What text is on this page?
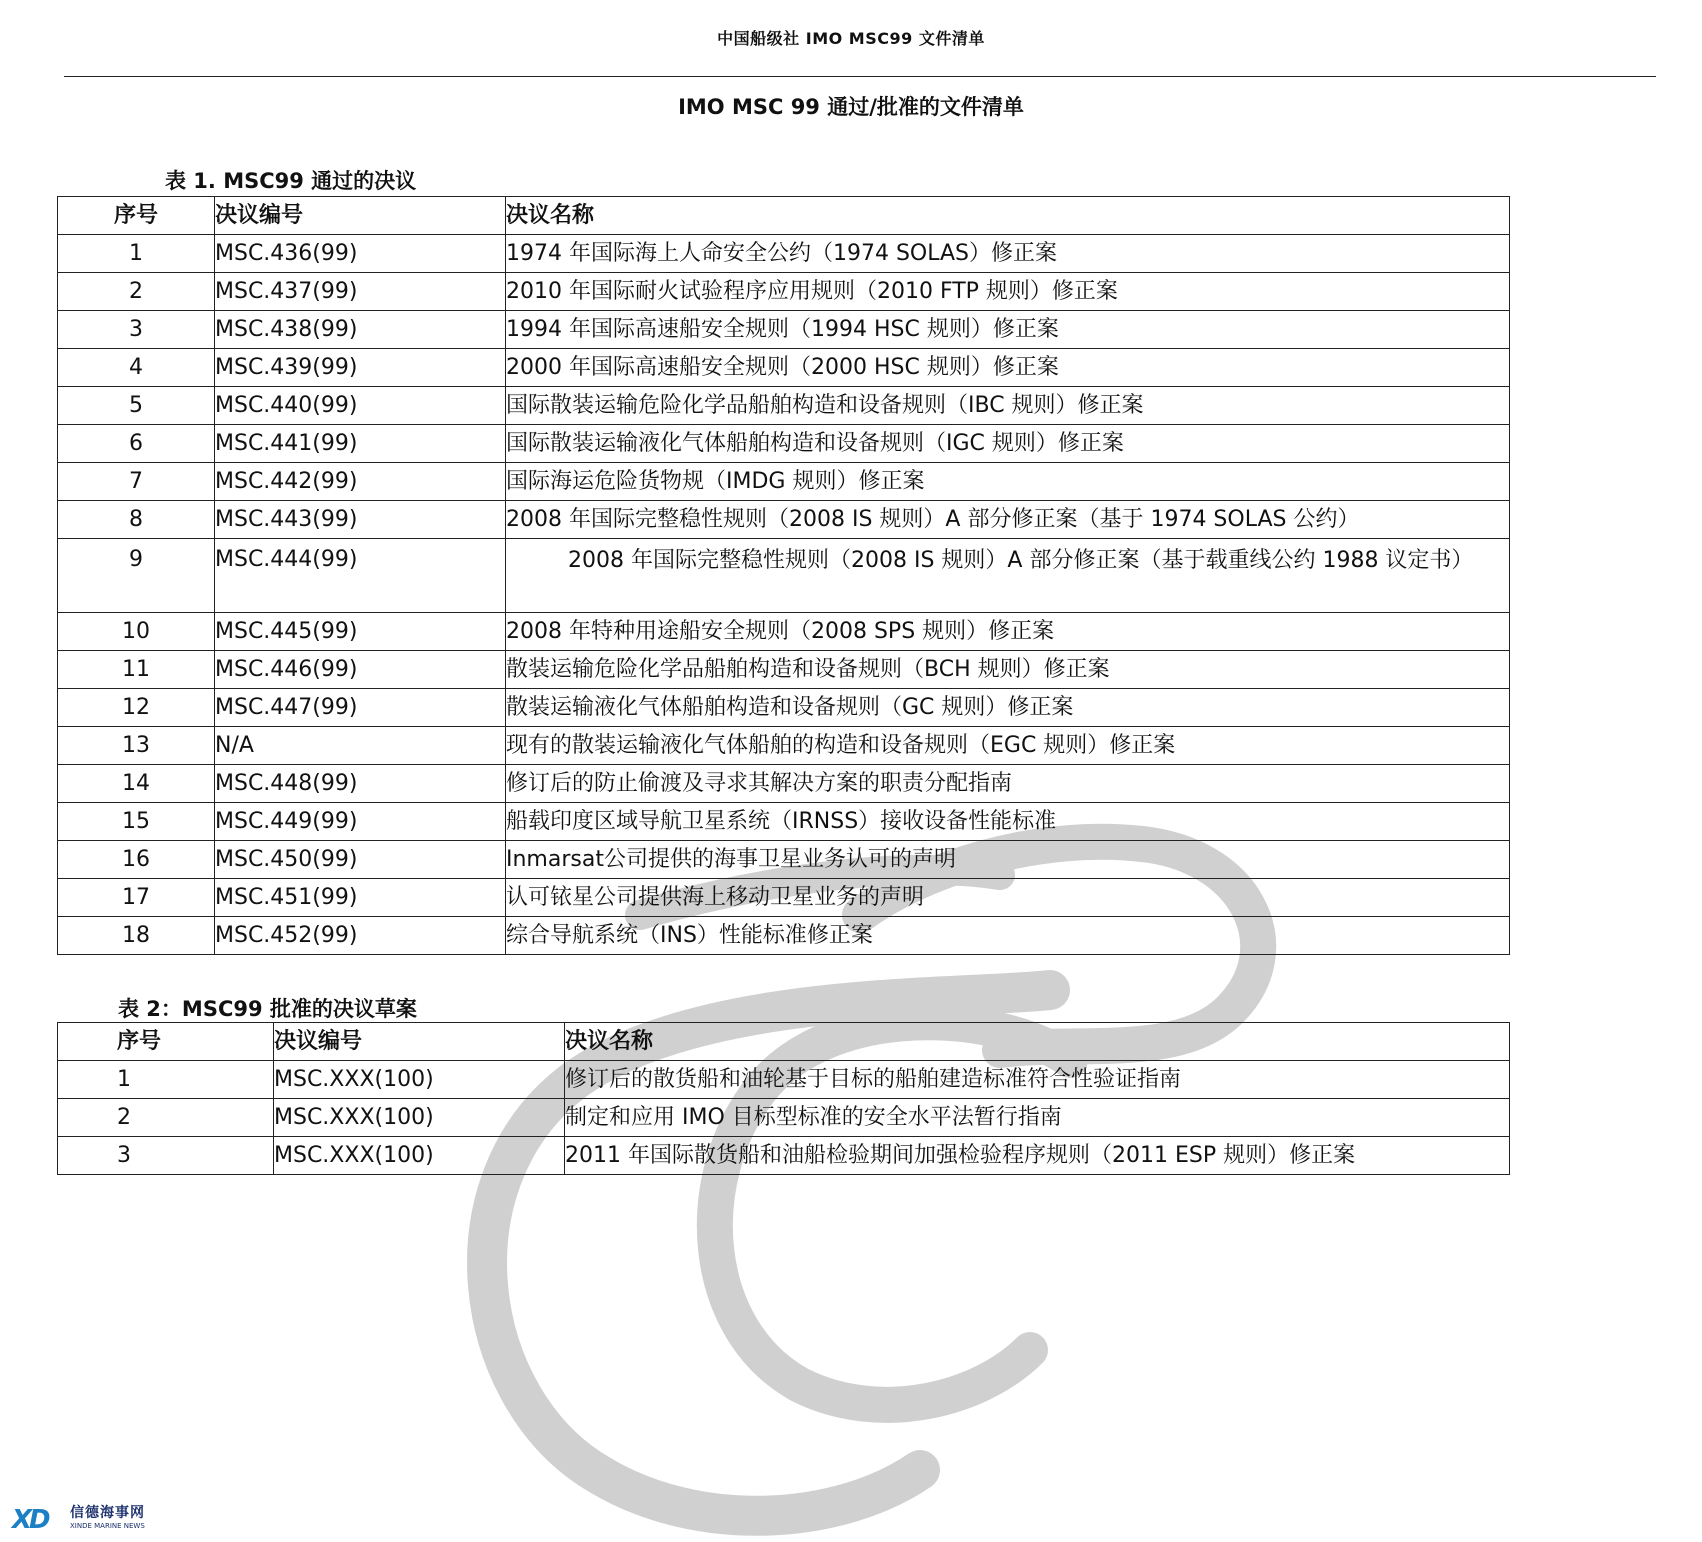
中国船级社 IMO MSC99 文件清单
IMO MSC 99 通过/批准的文件清单
表 1. MSC99 通过的决议
序号	决议编号	决议名称
1	MSC.436(99)	1974 年国际海上人命安全公约（1974 SOLAS）修正案
2	MSC.437(99)	2010 年国际耐火试验程序应用规则（2010 FTP 规则）修正案
3	MSC.438(99)	1994 年国际高速船安全规则（1994 HSC 规则）修正案
4	MSC.439(99)	2000 年国际高速船安全规则（2000 HSC 规则）修正案
5	MSC.440(99)	国际散装运输危险化学品船舶构造和设备规则（IBC 规则）修正案
6	MSC.441(99)	国际散装运输液化气体船舶构造和设备规则（IGC 规则）修正案
7	MSC.442(99)	国际海运危险货物规（IMDG 规则）修正案
8	MSC.443(99)	2008 年国际完整稳性规则（2008 IS 规则）A 部分修正案（基于 1974 SOLAS 公约）
9	MSC.444(99)	2008 年国际完整稳性规则（2008 IS 规则）A 部分修正案（基于载重线公约 1988 议定书）
10	MSC.445(99)	2008 年特种用途船安全规则（2008 SPS 规则）修正案
11	MSC.446(99)	散装运输危险化学品船舶构造和设备规则（BCH 规则）修正案
12	MSC.447(99)	散装运输液化气体船舶构造和设备规则（GC 规则）修正案
13	N/A	现有的散装运输液化气体船舶的构造和设备规则（EGC 规则）修正案
14	MSC.448(99)	修订后的防止偷渡及寻求其解决方案的职责分配指南
15	MSC.449(99)	船载印度区域导航卫星系统（IRNSS）接收设备性能标准
16	MSC.450(99)	Inmarsat公司提供的海事卫星业务认可的声明
17	MSC.451(99)	认可铱星公司提供海上移动卫星业务的声明
18	MSC.452(99)	综合导航系统（INS）性能标准修正案
表 2：MSC99 批准的决议草案
序号	决议编号	决议名称
1	MSC.XXX(100)	修订后的散货船和油轮基于目标的船舶建造标准符合性验证指南
2	MSC.XXX(100)	制定和应用 IMO 目标型标准的安全水平法暂行指南
3	MSC.XXX(100)	2011 年国际散货船和油船检验期间加强检验程序规则（2011 ESP 规则）修正案
XD 信德海事网
XINDE MARINE NEWS
